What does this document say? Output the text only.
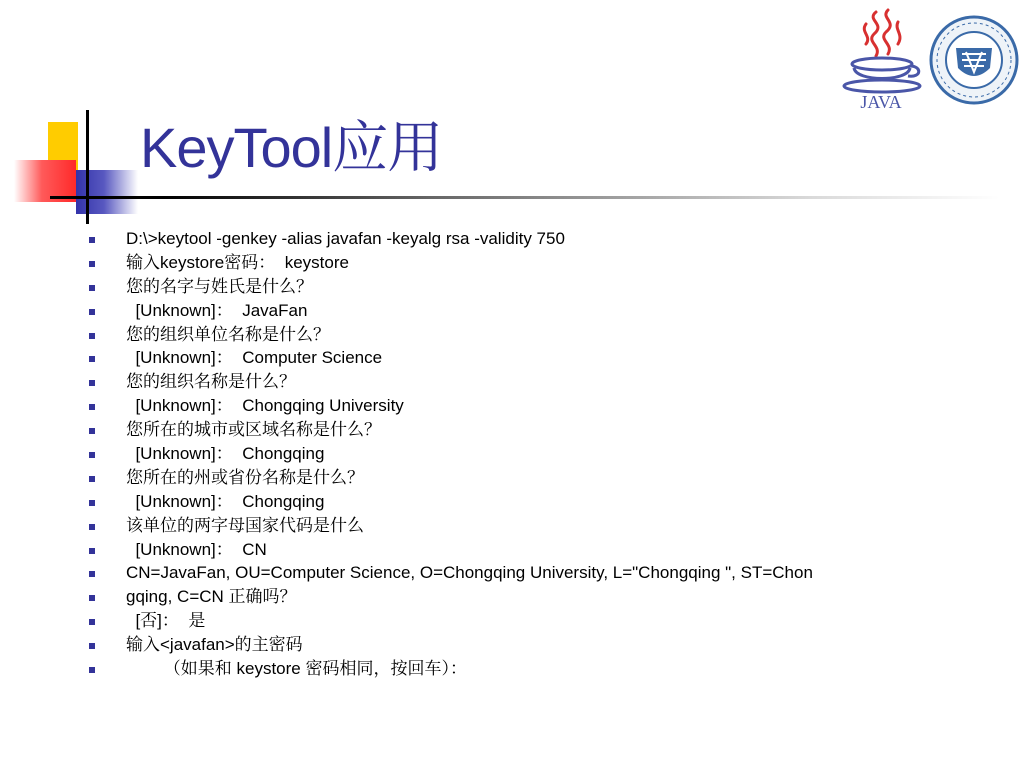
KeyTool应用
JAVA
D:\>keytool -genkey -alias javafan -keyalg rsa -validity 750
输入keystore密码：  keystore
您的名字与姓氏是什么？
[Unknown]：  JavaFan
您的组织单位名称是什么？
[Unknown]：  Computer Science
您的组织名称是什么？
[Unknown]：  Chongqing University
您所在的城市或区域名称是什么？
[Unknown]：  Chongqing
您所在的州或省份名称是什么？
[Unknown]：  Chongqing
该单位的两字母国家代码是什么
[Unknown]：  CN
CN=JavaFan, OU=Computer Science, O=Chongqing University, L="Chongqing ", ST=Chon
gqing, C=CN 正确吗？
[否]：  是
输入<javafan>的主密码
（如果和 keystore 密码相同，按回车）：
